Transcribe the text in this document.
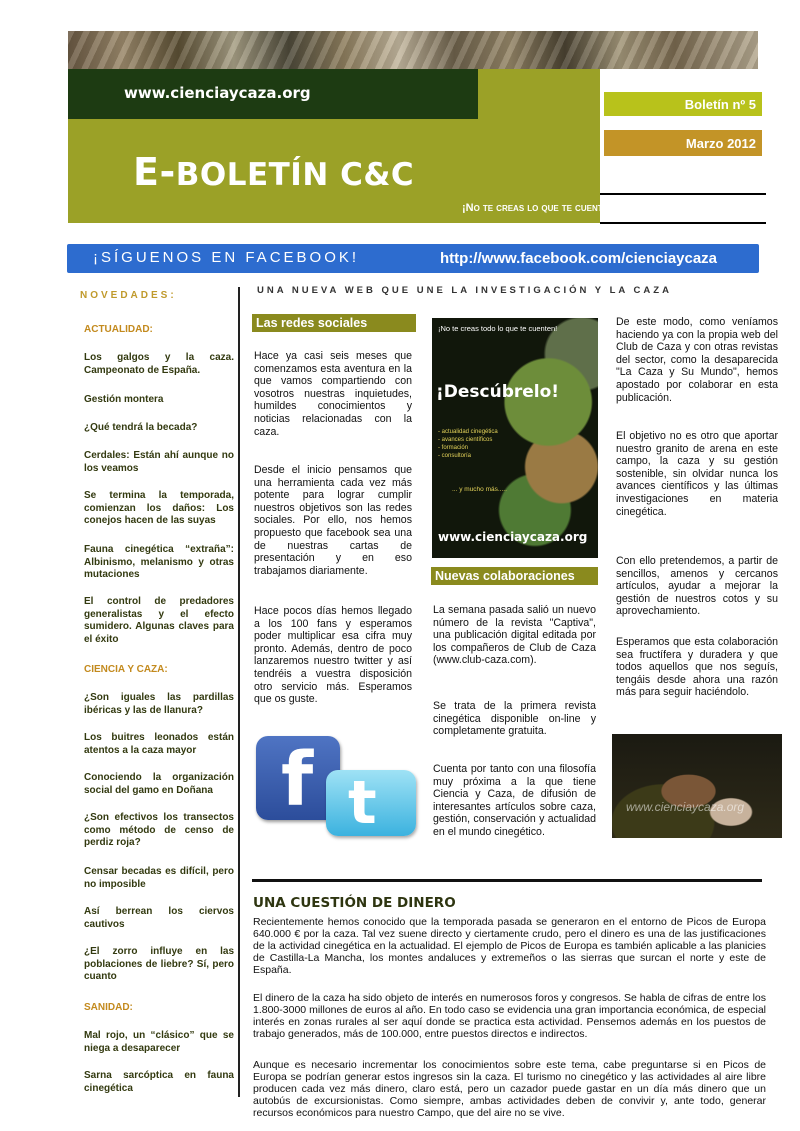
www.cienciaycaza.org
E-BOLETÍN C&C
Boletín nº 5
Marzo 2012
¡No te creas lo que te cuenten, descúbrelo!
¡SÍGUENOS EN FACEBOOK!	http://www.facebook.com/cienciaycaza
NOVEDADES:
ACTUALIDAD:
Los galgos y la caza. Campeonato de España.
Gestión montera
¿Qué tendrá la becada?
Cerdales: Están ahí aunque no los veamos
Se termina la temporada, comienzan los daños: Los conejos hacen de las suyas
Fauna cinegética “extraña”: Albinismo, melanismo y otras mutaciones
El control de predadores generalistas y el efecto sumidero. Algunas claves para el éxito
CIENCIA Y CAZA:
¿Son iguales las pardillas ibéricas y las de llanura?
Los buitres leonados están atentos a la caza mayor
Conociendo la organización social del gamo en Doñana
¿Son efectivos los transectos como método de censo de perdiz roja?
Censar becadas es difícil, pero no imposible
Así berrean los ciervos cautivos
¿El zorro influye en las poblaciones de liebre? Sí, pero cuanto
SANIDAD:
Mal rojo, un “clásico” que se niega a desaparecer
Sarna sarcóptica en fauna cinegética
UNA NUEVA WEB QUE UNE LA INVESTIGACIÓN Y LA CAZA
Las redes sociales
Hace ya casi seis meses que comenzamos esta aventura en la que vamos compartiendo con vosotros nuestras inquietudes, humildes conocimientos y noticias relacionadas con la caza.
Desde el inicio pensamos que una herramienta cada vez más potente para lograr cumplir nuestros objetivos son las redes sociales. Por ello, nos hemos propuesto que facebook sea una de nuestras cartas de presentación y en eso trabajamos diariamente.
Hace pocos días hemos llegado a los 100 fans y esperamos poder multiplicar esa cifra muy pronto. Además, dentro de poco lanzaremos nuestro twitter y así tendréis a vuestra disposición otro servicio más. Esperamos que os guste.
¡No te creas todo lo que te cuenten!
¡Descúbrelo!
- actualidad cinegética
- avances científicos
- formación
- consultoría
... y mucho más.....
www.cienciaycaza.org
Nuevas colaboraciones
La semana pasada salió un nuevo número de la revista "Captiva", una publicación digital editada por los compañeros de Club de Caza (www.club-caza.com).
Se trata de la primera revista cinegética disponible on-line y completamente gratuita.
Cuenta por tanto con una filosofía muy próxima a la que tiene Ciencia y Caza, de difusión de interesantes artículos sobre caza, gestión, conservación y actualidad en el mundo cinegético.
De este modo, como veníamos haciendo ya con la propia web del Club de Caza y con otras revistas del sector, como la desaparecida "La Caza y Su Mundo", hemos apostado por colaborar en esta publicación.
El objetivo no es otro que aportar nuestro granito de arena en este campo, la caza y su gestión sostenible, sin olvidar nunca los avances científicos y las últimas investigaciones en materia cinegética.
Con ello pretendemos, a partir de sencillos, amenos y cercanos artículos, ayudar a mejorar la gestión de nuestros cotos y su aprovechamiento.
Esperamos que esta colaboración sea fructífera y duradera y que todos aquellos que nos seguís, tengáis desde ahora una razón más para seguir haciéndolo.
f t	www.cienciaycaza.org
UNA CUESTIÓN DE DINERO
Recientemente hemos conocido que la temporada pasada se generaron en el entorno de Picos de Europa 640.000 € por la caza. Tal vez suene directo y ciertamente crudo, pero el dinero es una de las justificaciones de la actividad cinegética en la actualidad. El ejemplo de Picos de Europa es también aplicable a las planicies de Castilla-La Mancha, los montes andaluces y extremeños o las sierras que surcan el norte y este de España.
El dinero de la caza ha sido objeto de interés en numerosos foros y congresos. Se habla de cifras de entre los 1.800-3000 millones de euros al año. En todo caso se evidencia una gran importancia económica, de especial interés en zonas rurales al ser aquí donde se practica esta actividad. Pensemos además en los puestos de trabajo generados, más de 100.000, entre puestos directos e indirectos.
Aunque es necesario incrementar los conocimientos sobre este tema, cabe preguntarse si en Picos de Europa se podrían generar estos ingresos sin la caza. El turismo no cinegético y las actividades al aire libre producen cada vez más dinero, claro está, pero un cazador puede gastar en un día más dinero que un autobús de excursionistas. Como siempre, ambas actividades deben de convivir y, ante todo, generar recursos económicos para nuestro Campo, que del aire no se vive.
